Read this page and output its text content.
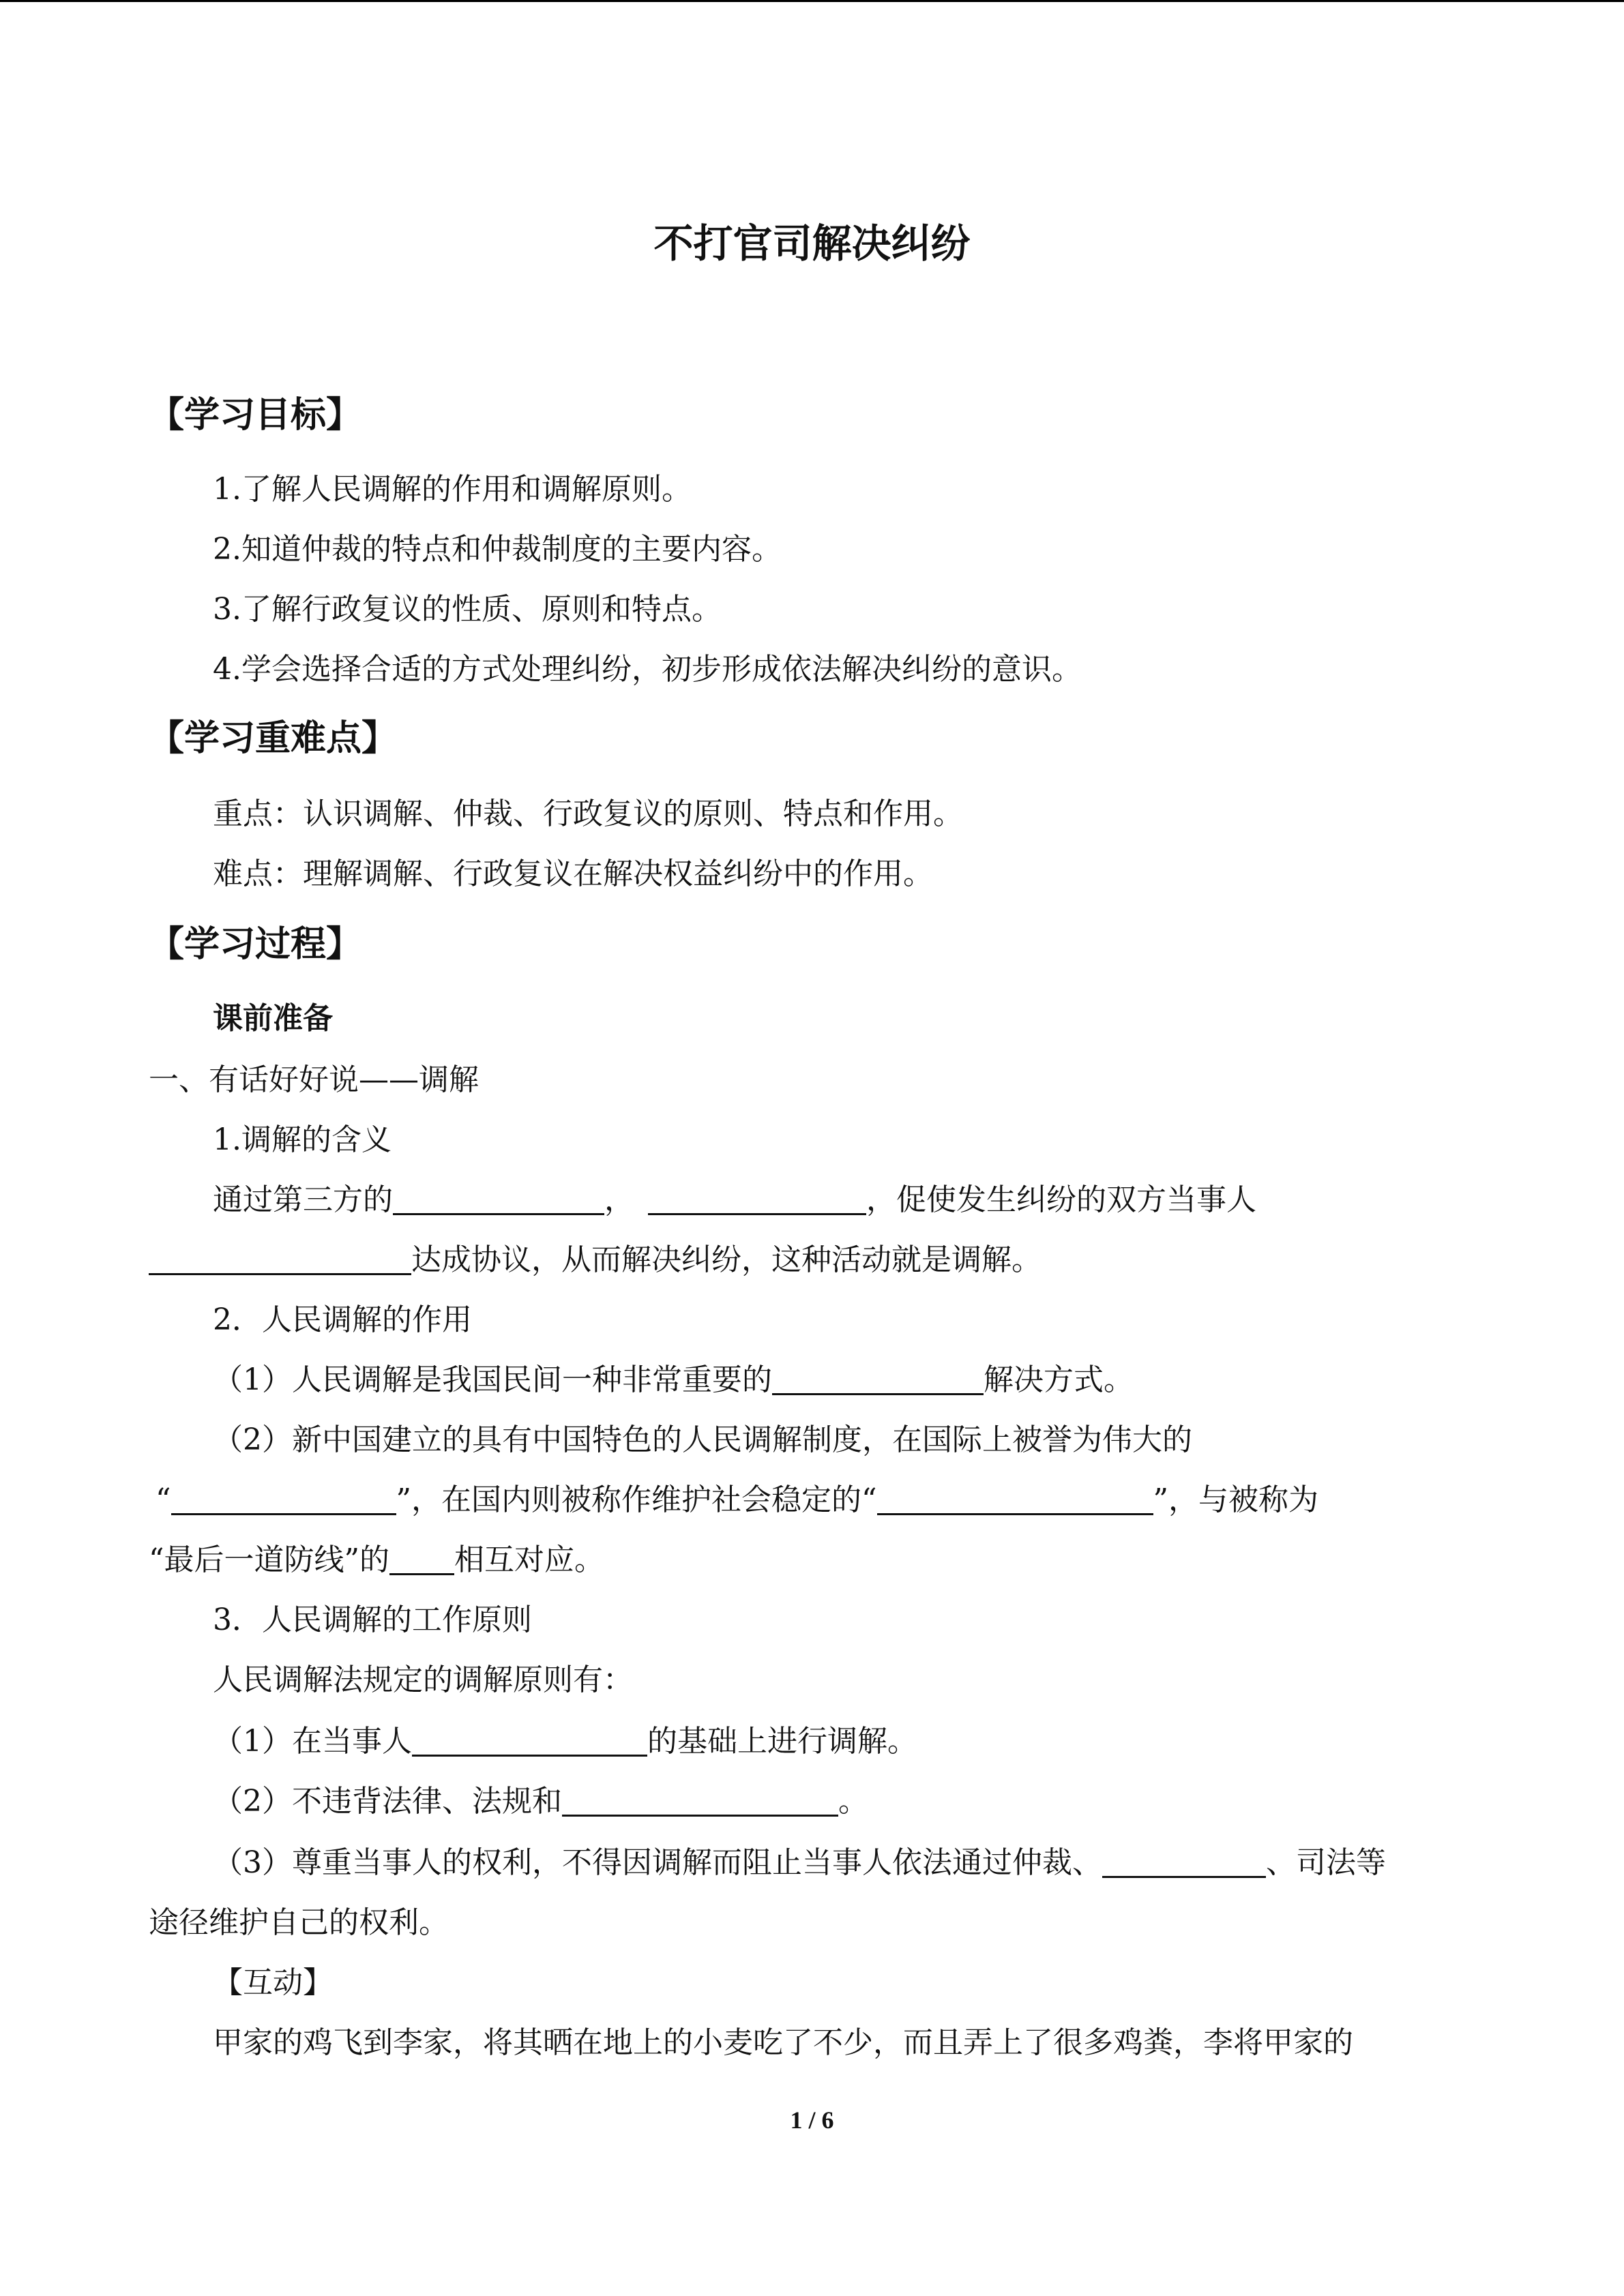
不打官司解决纠纷
【学习目标】
1.了解人民调解的作用和调解原则。
2.知道仲裁的特点和仲裁制度的主要内容。
3.了解行政复议的性质、原则和特点。
4.学会选择合适的方式处理纠纷，初步形成依法解决纠纷的意识。
【学习重难点】
重点：认识调解、仲裁、行政复议的原则、特点和作用。
难点：理解调解、行政复议在解决权益纠纷中的作用。
【学习过程】
课前准备
一、有话好好说——调解
1.调解的含义
通过第三方的	，	，促使发生纠纷的双方当事人
达成协议，从而解决纠纷，这种活动就是调解。
2．人民调解的作用
（1）人民调解是我国民间一种非常重要的	解决方式。
（2）新中国建立的具有中国特色的人民调解制度，在国际上被誉为伟大的
“	”，在国内则被称作维护社会稳定的“	”，与被称为
“最后一道防线”的 相互对应。
3．人民调解的工作原则
人民调解法规定的调解原则有：
（1）在当事人	的基础上进行调解。
（2）不违背法律、法规和	。
（3）尊重当事人的权利，不得因调解而阻止当事人依法通过仲裁、	、司法等
途径维护自己的权利。
【互动】
甲家的鸡飞到李家，将其晒在地上的小麦吃了不少，而且弄上了很多鸡粪，李将甲家的
1 / 6
